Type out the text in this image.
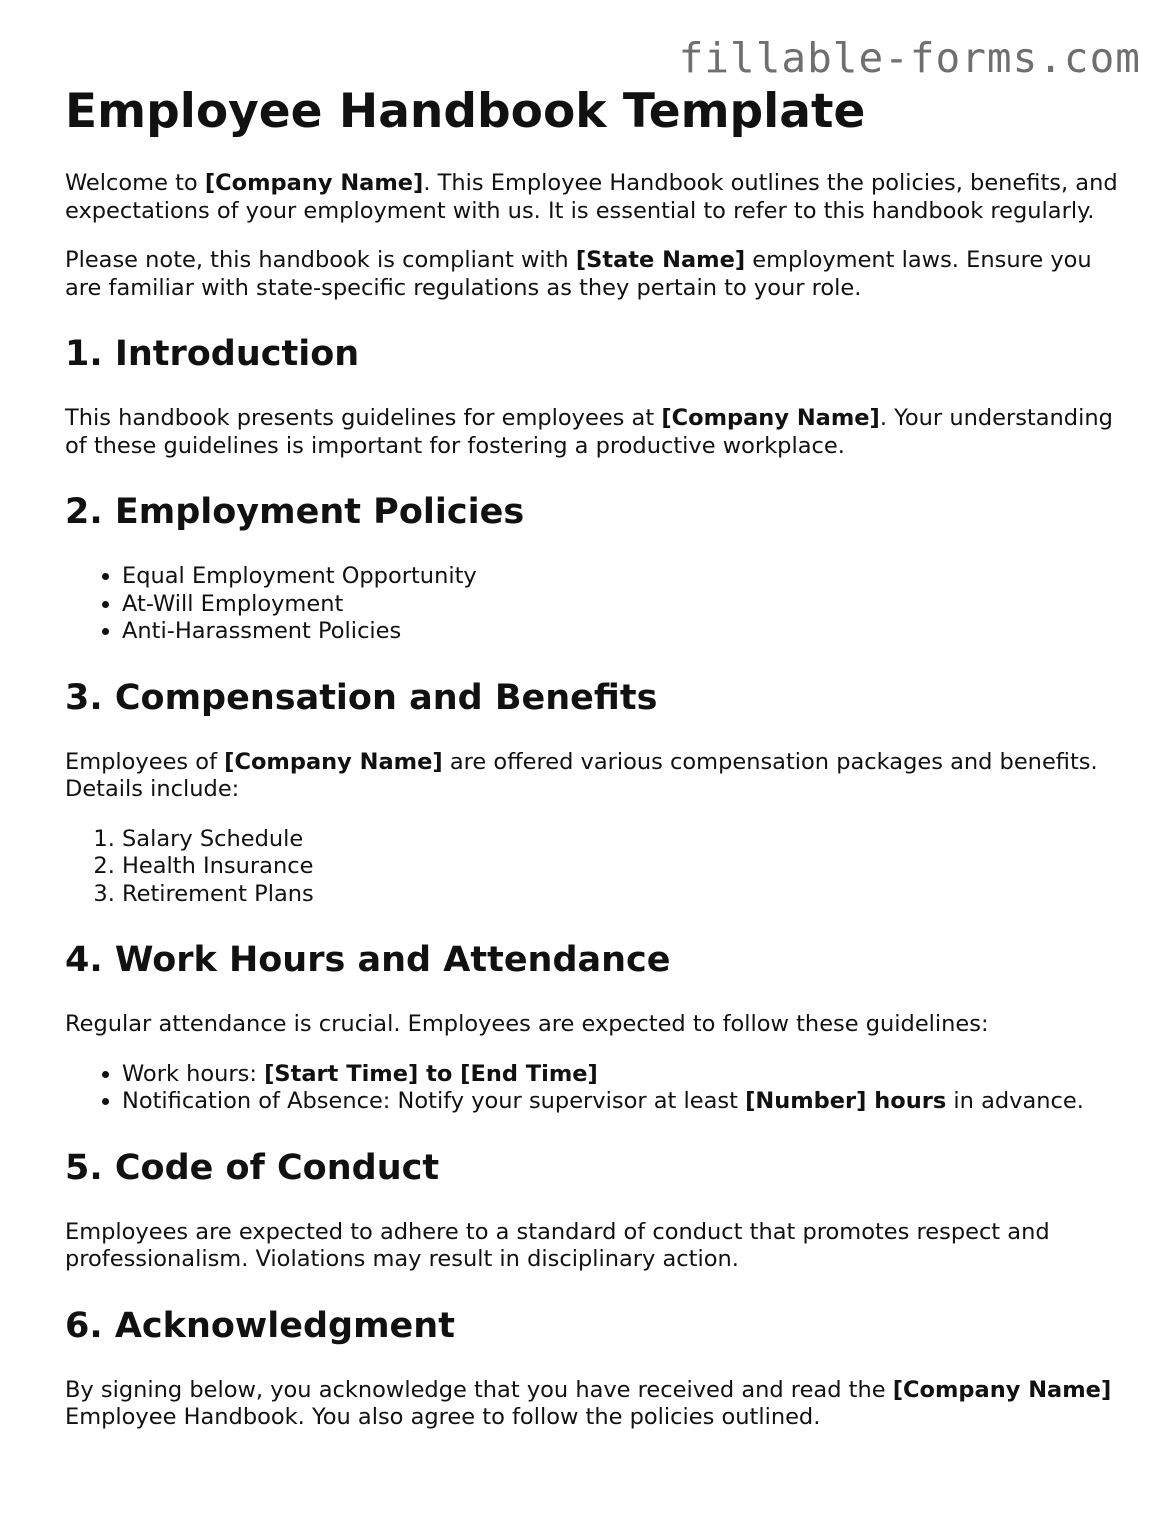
fillable-forms.com
Employee Handbook Template

Welcome to [Company Name]. This Employee Handbook outlines the policies, benefits, and expectations of your employment with us. It is essential to refer to this handbook regularly.

Please note, this handbook is compliant with [State Name] employment laws. Ensure you are familiar with state-specific regulations as they pertain to your role.

1. Introduction

This handbook presents guidelines for employees at [Company Name]. Your understanding of these guidelines is important for fostering a productive workplace.

2. Employment Policies
• Equal Employment Opportunity
• At-Will Employment
• Anti-Harassment Policies
3. Compensation and Benefits

Employees of [Company Name] are offered various compensation packages and benefits. Details include:

1. Salary Schedule
2. Health Insurance
3. Retirement Plans
4. Work Hours and Attendance

Regular attendance is crucial. Employees are expected to follow these guidelines:

• Work hours: [Start Time] to [End Time]
• Notification of Absence: Notify your supervisor at least [Number] hours in advance.
5. Code of Conduct

Employees are expected to adhere to a standard of conduct that promotes respect and professionalism. Violations may result in disciplinary action.

6. Acknowledgment

By signing below, you acknowledge that you have received and read the [Company Name] Employee Handbook. You also agree to follow the policies outlined.
